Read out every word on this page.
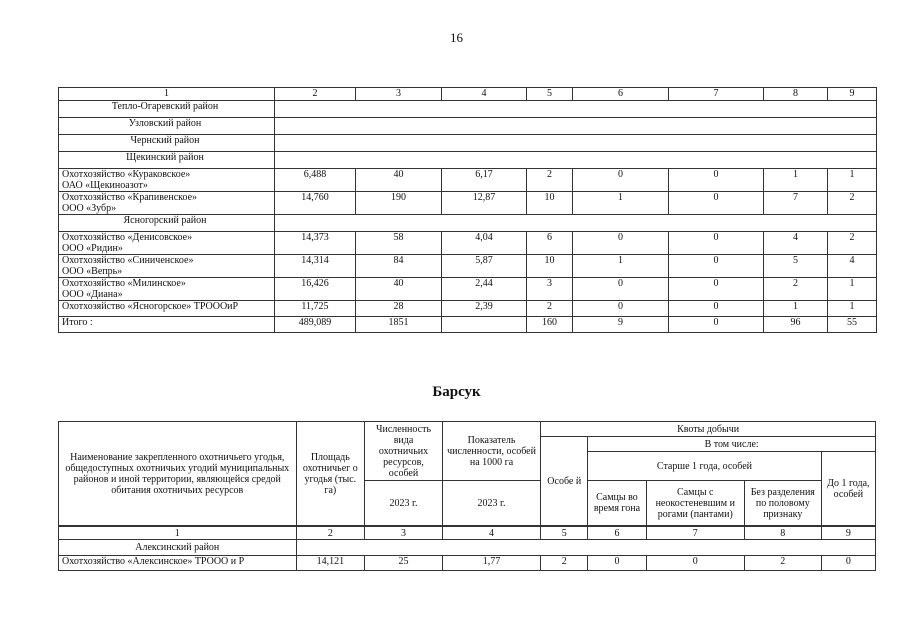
16
1	2	3	4	5	6	7	8	9
Тепло-Огаревский район								
Узловский район								
Чернский район								
Щекинский район								

Охотхозяйство «Кураковское»
ОАО «Щекиноазот»	6,488	40	6,17	2	0	0	1	1

Охотхозяйство «Крапивенское»
ООО «Зубр»	14,760	190	12,87	10	1	0	7	2
Ясногорский район								

Охотхозяйство «Денисовское»
ООО «Ридин»	14,373	58	4,04	6	0	0	4	2

Охотхозяйство «Синиченское»
ООО «Вепрь»	14,314	84	5,87	10	1	0	5	4

Охотхозяйство «Милинское»
ООО «Диана»	16,426	40	2,44	3	0	0	2	1

Охотхозяйство «Ясногорское» ТРОООиР	11,725	28	2,39	2	0	0	1	1

Итого :	489,089	1851		160	9	0	96	55
Барсук
Наименование закрепленного охотничьего угодья, общедоступных охотничьих угодий муниципальных районов и иной территории, являющейся средой обитания охотничьих ресурсов	Площадь охотничьег о угодья (тыс. га)	Численность вида охотничьих ресурсов, особей	Показатель численности, особей на 1000 га	Квоты добычи				
				Особе й	В том числе:			
					Старше 1 года, особей			До 1 года, особей
		2023 г.	2023 г.		Самцы во время гона	Самцы с неокостеневшим и рогами (пантами)	Без разделения по половому признаку	
1	2	3	4	5	6	7	8	9
Алексинский район								
Охотхозяйство «Алексинское» ТРООО и Р	14,121	25	1,77	2	0	0	2	0
